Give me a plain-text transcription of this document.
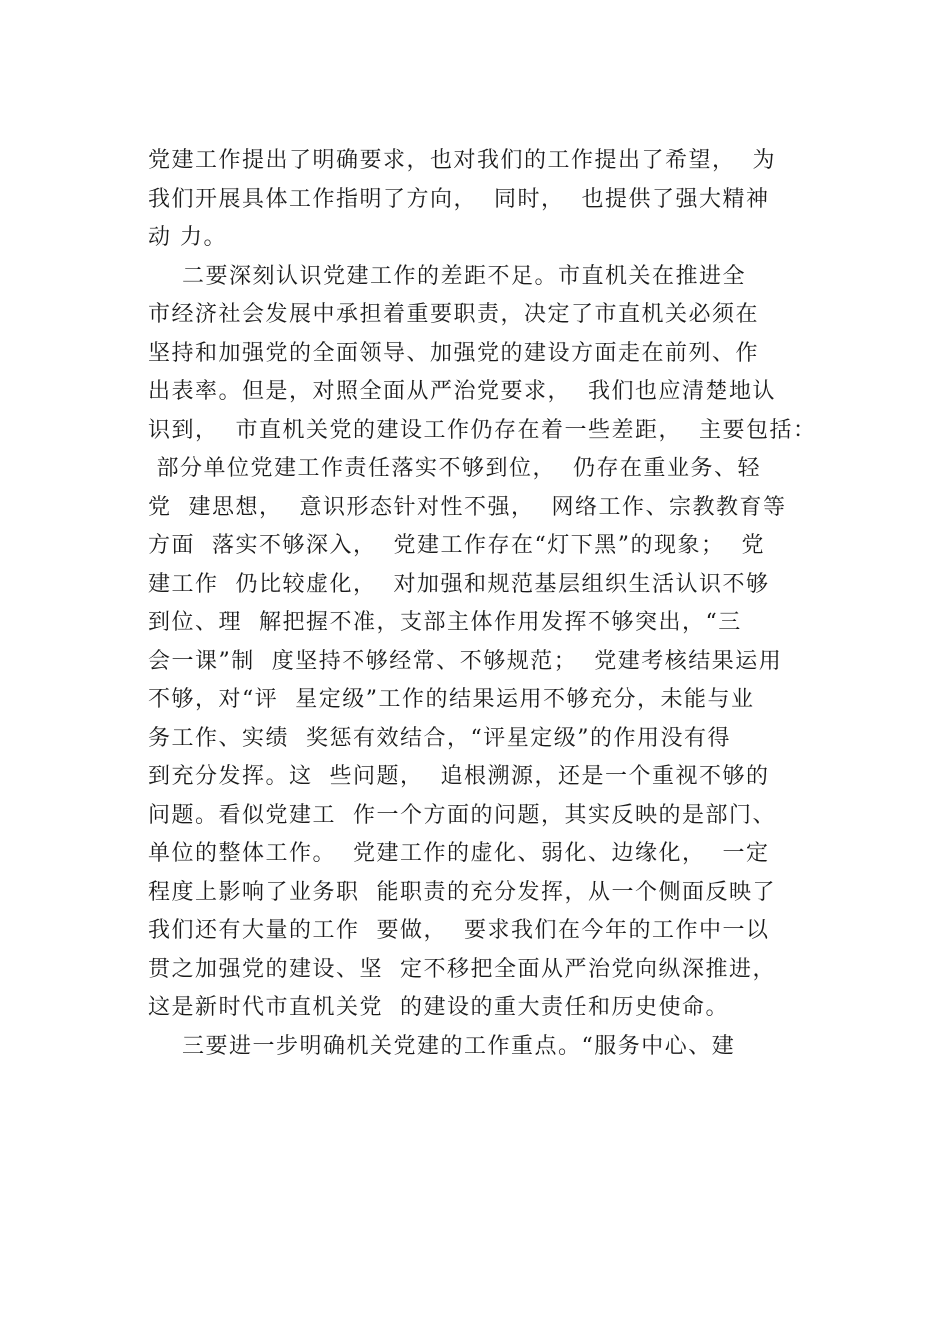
党建工作提出了明确要求，也对我们的工作提出了希望，  为
我们开展具体工作指明了方向，  同时，  也提供了强大精神
动 力。
二要深刻认识党建工作的差距不足。市直机关在推进全
市经济社会发展中承担着重要职责，决定了市直机关必须在
坚持和加强党的全面领导、加强党的建设方面走在前列、作
出表率。但是，对照全面从严治党要求，  我们也应清楚地认
识到，  市直机关党的建设工作仍存在着一些差距，  主要包括：
部分单位党建工作责任落实不够到位，  仍存在重业务、轻
党  建思想，  意识形态针对性不强，  网络工作、宗教教育等
方面  落实不够深入，  党建工作存在“灯下黑”的现象；  党
建工作  仍比较虚化，  对加强和规范基层组织生活认识不够
到位、理  解把握不准，支部主体作用发挥不够突出，“三
会一课”制  度坚持不够经常、不够规范；  党建考核结果运用
不够，对“评  星定级”工作的结果运用不够充分，未能与业
务工作、实绩  奖惩有效结合，“评星定级”的作用没有得
到充分发挥。这  些问题，  追根溯源，还是一个重视不够的
问题。看似党建工  作一个方面的问题，其实反映的是部门、
单位的整体工作。  党建工作的虚化、弱化、边缘化，  一定
程度上影响了业务职  能职责的充分发挥，从一个侧面反映了
我们还有大量的工作  要做，  要求我们在今年的工作中一以
贯之加强党的建设、坚  定不移把全面从严治党向纵深推进，
这是新时代市直机关党  的建设的重大责任和历史使命。
三要进一步明确机关党建的工作重点。“服务中心、建
